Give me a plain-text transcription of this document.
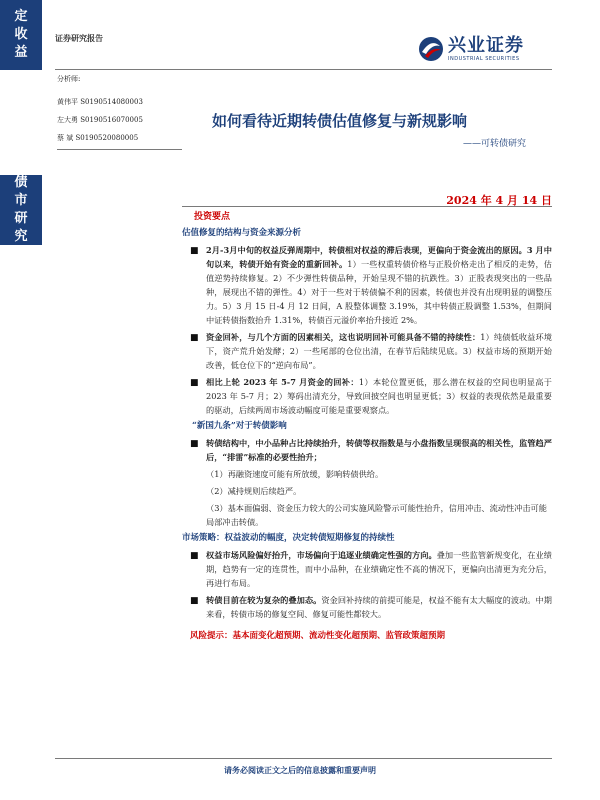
定
收
益
债
市
研
究
证券研究报告	兴业证券
INDUSTRIAL SECURITIES
分析师:
黄伟平 S0190514080003
左大勇 S0190516070005
蔡 斌 S0190520080005
如何看待近期转债估值修复与新规影响
——可转债研究
2024 年 4 月 14 日
投资要点
估值修复的结构与资金来源分析
■ 2月-3月中旬的权益反弹周期中，转债相对权益的滞后表现，更偏向于资金流出的原因。3 月中旬以来，转债开始有资金的重新回补。1）一些权重转债价格与正股价格走出了相反的走势，估值逆势持续修复。2）不少弹性转债品种，开始呈现不错的抗跌性。3）正股表现突出的一些品种，展现出不错的弹性。4）对于一些对于转债偏不利的因素，转债也并没有出现明显的调整压力。5）3 月 15 日-4 月 12 日间，A 股整体调整 3.19%，其中转债正股调整 1.53%，但期间中证转债指数抬升 1.31%，转债百元溢价率抬升接近 2%。
■ 资金回补，与几个方面的因素相关，这也说明回补可能具备不错的持续性：1）纯债低收益环境下，资产荒升始发酵；2）一些尾部的仓位出清，在春节后陆续见底。3）权益市场的预期开始改善，低仓位下的“逆向布局”。
■ 相比上轮 2023 年 5-7 月资金的回补：1）本轮位置更低，那么潜在权益的空间也明显高于 2023 年 5-7 月；2）筹码出清充分，导致回披空间也明显更低；3）权益的表现依然是最重要的驱动，后续两周市场波动幅度可能是重要观察点。
“新国九条”对于转债影响
■ 转债结构中，中小品种占比持续抬升，转债等权指数是与小盘指数呈现很高的相关性，监管趋严后，“排雷”标准的必要性抬升；
（1）再融资速度可能有所放缓，影响转债供给。
（2）减持规则后续趋严。
（3）基本面偏弱、资金压力较大的公司实施风险警示可能性抬升，信用冲击、流动性冲击可能局部冲击转债。
市场策略：权益波动的幅度，决定转债短期修复的持续性
■ 权益市场风险偏好抬升，市场偏向于追逐业绩确定性强的方向。叠加一些监管新规变化，在业绩期，趋势有一定的连贯性，而中小品种，在业绩确定性不高的情况下，更偏向出清更为充分后，再进行布局。
■ 转债目前在较为复杂的叠加态。资金回补持续的前提可能是，权益不能有太大幅度的波动。中期来看，转债市场的修复空间、修复可能性都较大。
风险提示：基本面变化超预期、流动性变化超预期、监管政策超预期
请务必阅读正文之后的信息披露和重要声明
